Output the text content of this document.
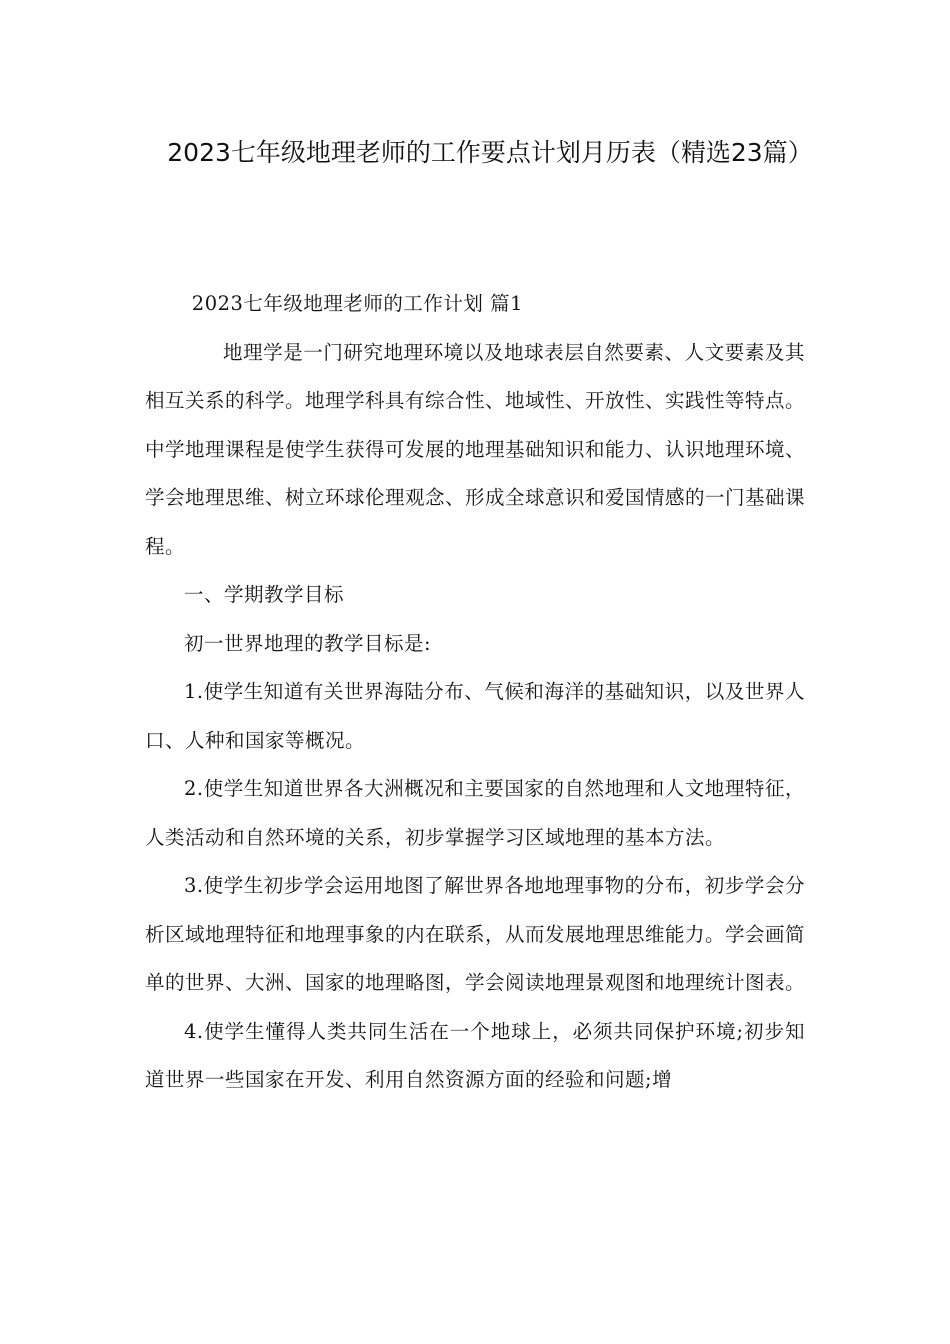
2023七年级地理老师的工作要点计划月历表（精选23篇）

2023七年级地理老师的工作计划 篇1

地理学是一门研究地理环境以及地球表层自然要素、人文要素及其相互关系的科学。地理学科具有综合性、地域性、开放性、实践性等特点。中学地理课程是使学生获得可发展的地理基础知识和能力、认识地理环境、学会地理思维、树立环球伦理观念、形成全球意识和爱国情感的一门基础课程。

一、学期教学目标

初一世界地理的教学目标是:

1.使学生知道有关世界海陆分布、气候和海洋的基础知识，以及世界人口、人种和国家等概况。

2.使学生知道世界各大洲概况和主要国家的自然地理和人文地理特征，人类活动和自然环境的关系，初步掌握学习区域地理的基本方法。

3.使学生初步学会运用地图了解世界各地地理事物的分布，初步学会分析区域地理特征和地理事象的内在联系，从而发展地理思维能力。学会画简单的世界、大洲、国家的地理略图，学会阅读地理景观图和地理统计图表。

4.使学生懂得人类共同生活在一个地球上，必须共同保护环境;初步知道世界一些国家在开发、利用自然资源方面的经验和问题;增
